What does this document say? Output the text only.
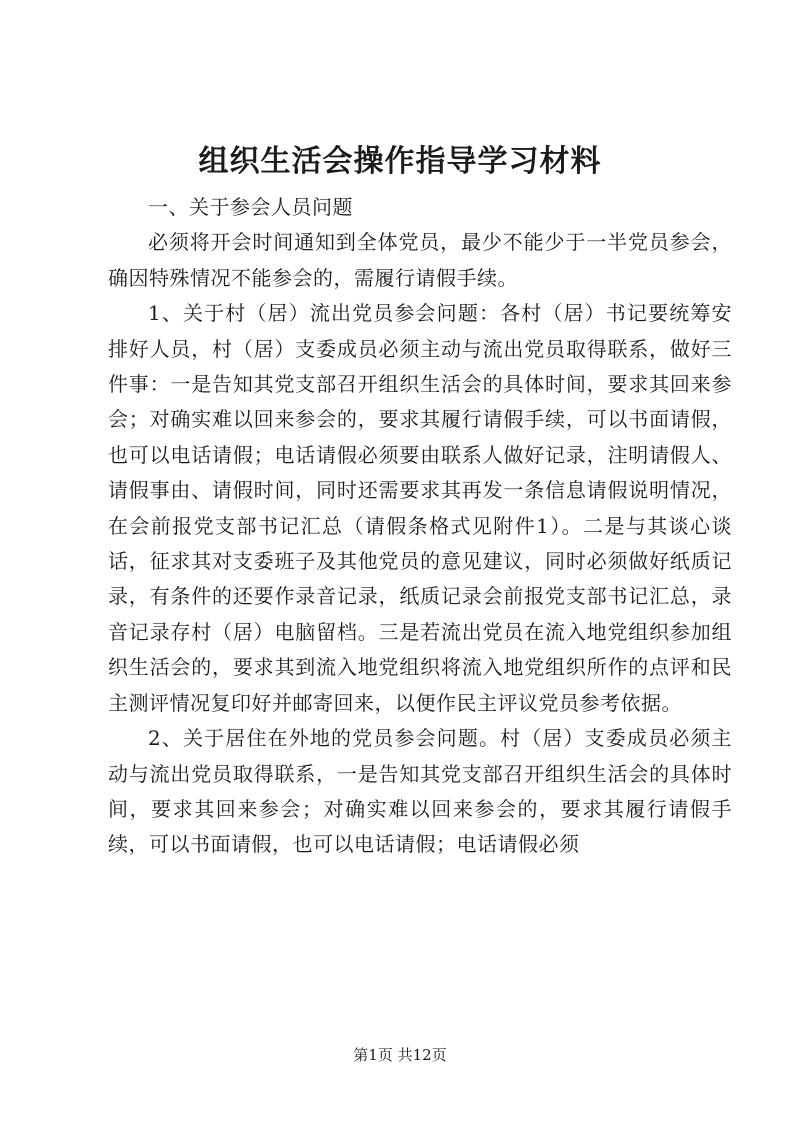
组织生活会操作指导学习材料

一、关于参会人员问题

必须将开会时间通知到全体党员，最少不能少于一半党员参会，确因特殊情况不能参会的，需履行请假手续。

1、关于村（居）流出党员参会问题：各村（居）书记要统筹安排好人员，村（居）支委成员必须主动与流出党员取得联系，做好三件事：一是告知其党支部召开组织生活会的具体时间，要求其回来参会；对确实难以回来参会的，要求其履行请假手续，可以书面请假，也可以电话请假；电话请假必须要由联系人做好记录，注明请假人、请假事由、请假时间，同时还需要求其再发一条信息请假说明情况，在会前报党支部书记汇总（请假条格式见附件1）。二是与其谈心谈话，征求其对支委班子及其他党员的意见建议，同时必须做好纸质记录，有条件的还要作录音记录，纸质记录会前报党支部书记汇总，录音记录存村（居）电脑留档。三是若流出党员在流入地党组织参加组织生活会的，要求其到流入地党组织将流入地党组织所作的点评和民主测评情况复印好并邮寄回来，以便作民主评议党员参考依据。

2、关于居住在外地的党员参会问题。村（居）支委成员必须主动与流出党员取得联系，一是告知其党支部召开组织生活会的具体时间，要求其回来参会；对确实难以回来参会的，要求其履行请假手续，可以书面请假，也可以电话请假；电话请假必须

第1页 共12页
